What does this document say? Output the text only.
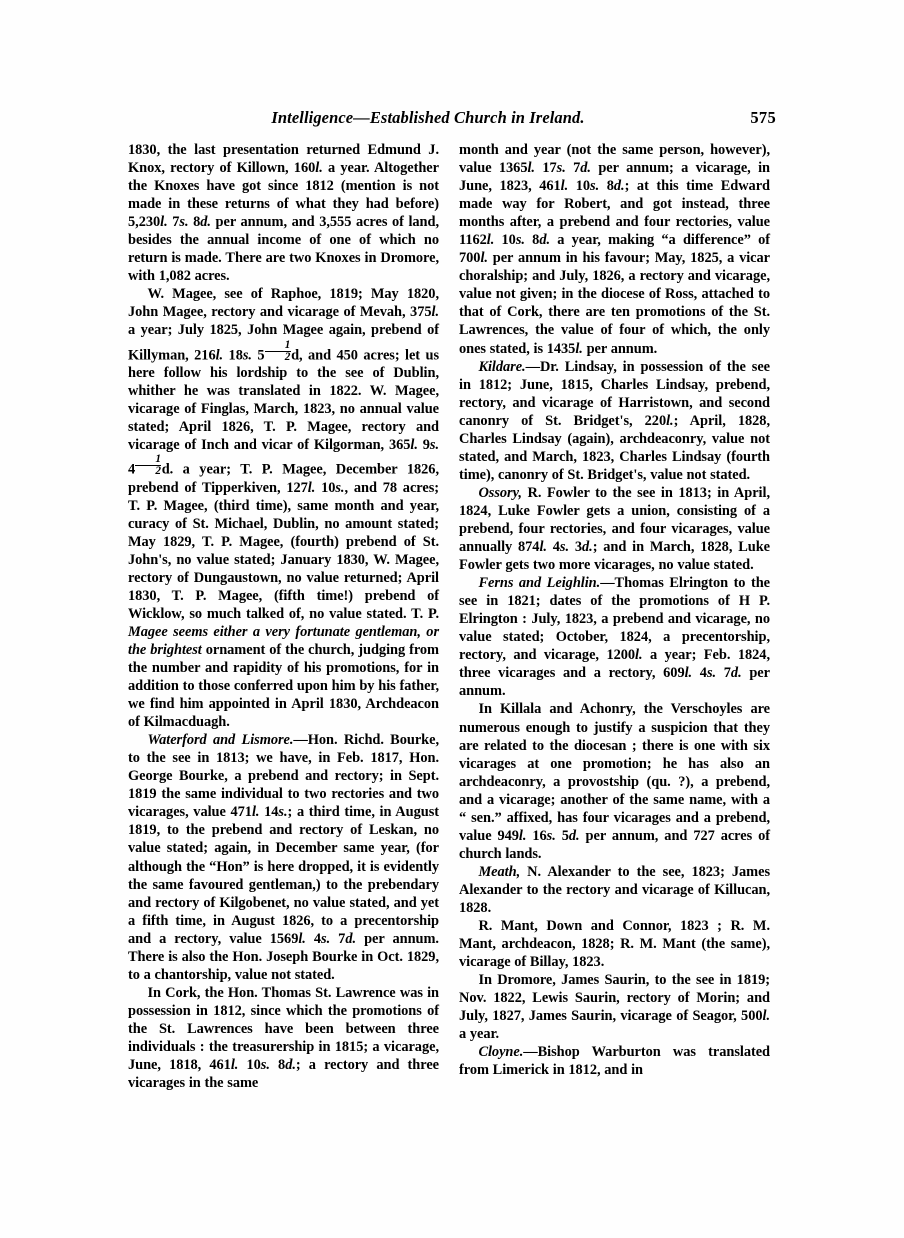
Intelligence—Established Church in Ireland.	575

1830, the last presentation returned Edmund J. Knox, rectory of Killown, 160l. a year. Altogether the Knoxes have got since 1812 (mention is not made in these returns of what they had before) 5,230l. 7s. 8d. per annum, and 3,555 acres of land, besides the annual income of one of which no return is made. There are two Knoxes in Dromore, with 1,082 acres.

W. Magee, see of Raphoe, 1819; May 1820, John Magee, rectory and vicarage of Mevah, 375l. a year; July 1825, John Magee again, prebend of Killyman, 216l. 18s. $5 \frac{1}{2} d$, and 450 acres; let us here follow his lordship to the see of Dublin, whither he was translated in 1822. W. Magee, vicarage of Finglas, March, 1823, no annual value stated; April 1826, T. P. Magee, rectory and vicarage of Inch and vicar of Kilgorman, 365l. 9s. $4 \frac{1}{2} d$. a year; T. P. Magee, December 1826, prebend of Tipperkiven, 127l. 10s., and 78 acres; T. P. Magee, (third time), same month and year, curacy of St. Michael, Dublin, no amount stated; May 1829, T. P. Magee, (fourth) prebend of St. John's, no value stated; January 1830, W. Magee, rectory of Dungaustown, no value returned; April 1830, T. P. Magee, (fifth time!) prebend of Wicklow, so much talked of, no value stated. T. P. Magee seems either a very fortunate gentleman, or the brightest ornament of the church, judging from the number and rapidity of his promotions, for in addition to those conferred upon him by his father, we find him appointed in April 1830, Archdeacon of Kilmacduagh.

Waterford and Lismore.—Hon. Richd. Bourke, to the see in 1813; we have, in Feb. 1817, Hon. George Bourke, a prebend and rectory; in Sept. 1819 the same individual to two rectories and two vicarages, value 471l. 14s.; a third time, in August 1819, to the prebend and rectory of Leskan, no value stated; again, in December same year, (for although the “Hon” is here dropped, it is evidently the same favoured gentleman,) to the prebendary and rectory of Kilgobenet, no value stated, and yet a fifth time, in August 1826, to a precentorship and a rectory, value 1569l. 4s. 7d. per annum. There is also the Hon. Joseph Bourke in Oct. 1829, to a chantorship, value not stated.

In Cork, the Hon. Thomas St. Lawrence was in possession in 1812, since which the promotions of the St. Lawrences have been between three individuals : the treasurership in 1815; a vicarage, June, 1818, 461l. 10s. 8d.; a rectory and three vicarages in the same

month and year (not the same person, however), value 1365l. 17s. 7d. per annum; a vicarage, in June, 1823, 461l. 10s. 8d.; at this time Edward made way for Robert, and got instead, three months after, a prebend and four rectories, value 1162l. 10s. 8d. a year, making “a difference” of 700l. per annum in his favour; May, 1825, a vicar choralship; and July, 1826, a rectory and vicarage, value not given; in the diocese of Ross, attached to that of Cork, there are ten promotions of the St. Lawrences, the value of four of which, the only ones stated, is 1435l. per annum.

Kildare.—Dr. Lindsay, in possession of the see in 1812; June, 1815, Charles Lindsay, prebend, rectory, and vicarage of Harristown, and second canonry of St. Bridget's, 220l.; April, 1828, Charles Lindsay (again), archdeaconry, value not stated, and March, 1823, Charles Lindsay (fourth time), canonry of St. Bridget's, value not stated.

Ossory, R. Fowler to the see in 1813; in April, 1824, Luke Fowler gets a union, consisting of a prebend, four rectories, and four vicarages, value annually 874l. 4s. 3d.; and in March, 1828, Luke Fowler gets two more vicarages, no value stated.

Ferns and Leighlin.—Thomas Elrington to the see in 1821; dates of the promotions of H P. Elrington : July, 1823, a prebend and vicarage, no value stated; October, 1824, a precentorship, rectory, and vicarage, 1200l. a year; Feb. 1824, three vicarages and a rectory, 609l. 4s. 7d. per annum.

In Killala and Achonry, the Verschoyles are numerous enough to justify a suspicion that they are related to the diocesan ; there is one with six vicarages at one promotion; he has also an archdeaconry, a provostship (qu. ?), a prebend, and a vicarage; another of the same name, with a “ sen.” affixed, has four vicarages and a prebend, value 949l. 16s. 5d. per annum, and 727 acres of church lands.

Meath, N. Alexander to the see, 1823; James Alexander to the rectory and vicarage of Killucan, 1828.

R. Mant, Down and Connor, 1823 ; R. M. Mant, archdeacon, 1828; R. M. Mant (the same), vicarage of Billay, 1823.

In Dromore, James Saurin, to the see in 1819; Nov. 1822, Lewis Saurin, rectory of Morin; and July, 1827, James Saurin, vicarage of Seagor, 500l. a year.

Cloyne.—Bishop Warburton was translated from Limerick in 1812, and in
